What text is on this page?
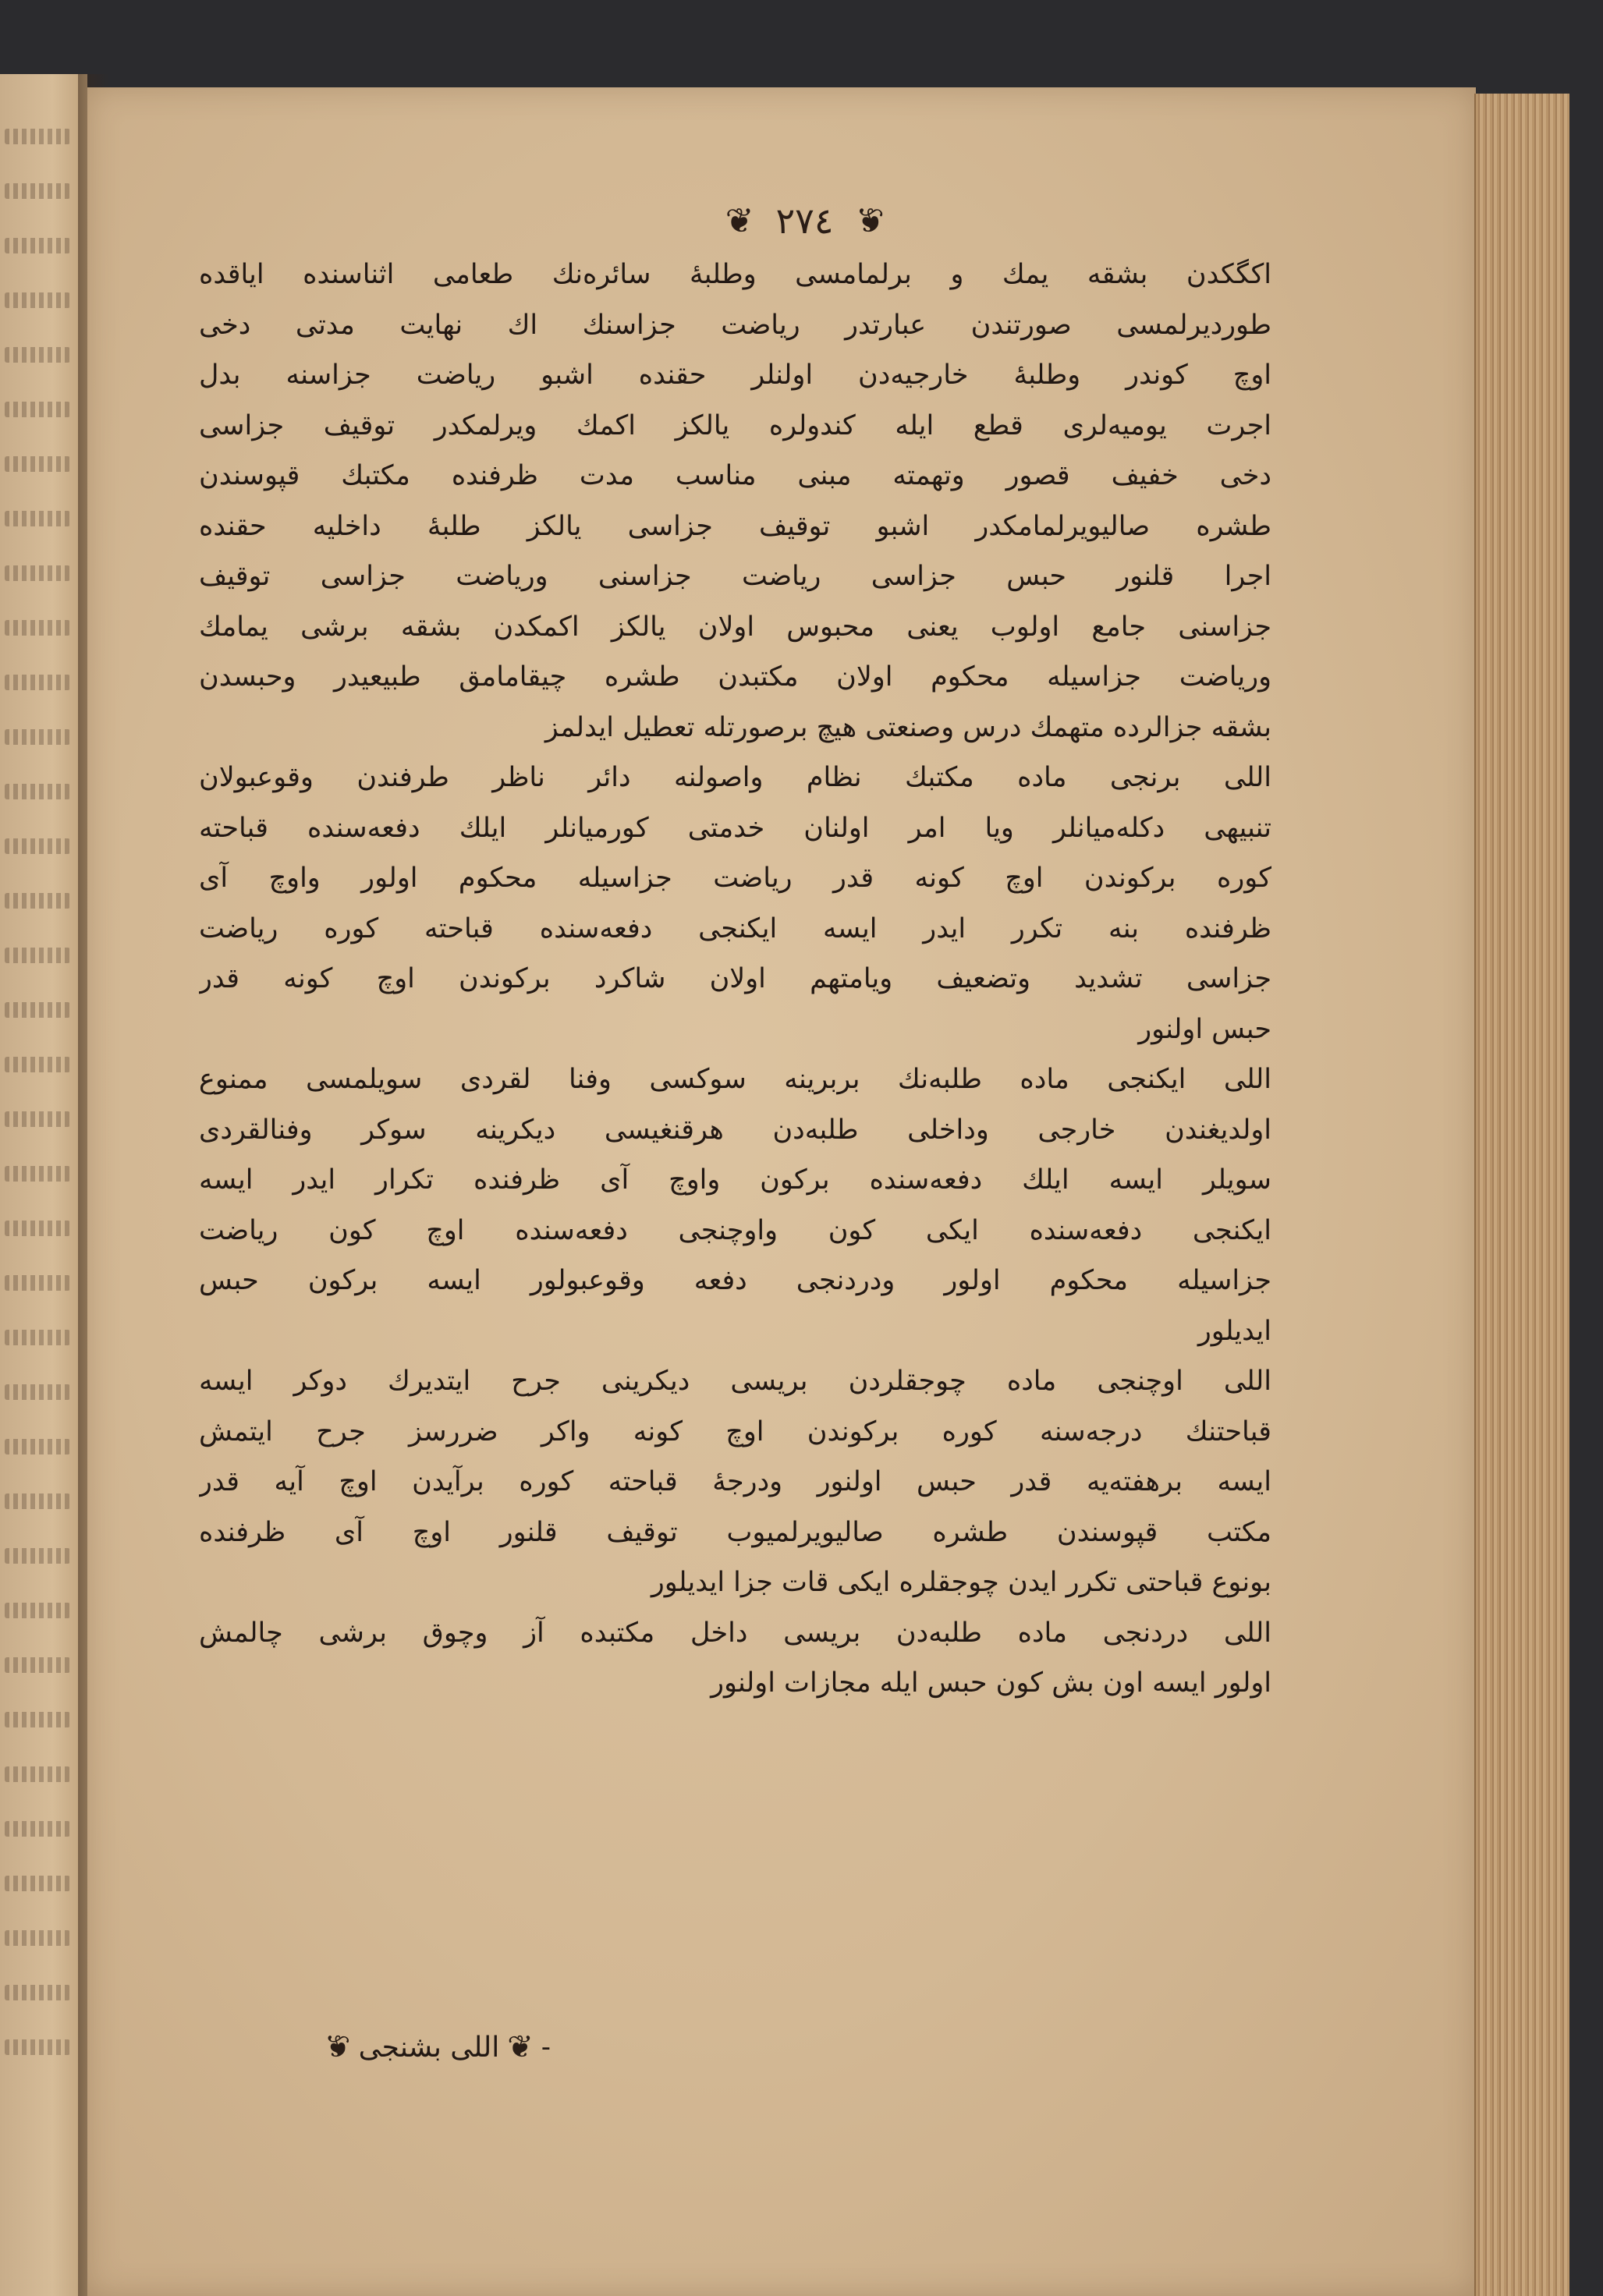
❦ ٢٧٤ ❦
اکگکدن بشقه یمك و برلمامسی وطلبهٔ سائره‌نك طعامی اثناسنده ایاقده
طوردیرلمسی صورتندن عبارتدر رياضت جزاسنك اك نهایت مدتی دخی
اوچ کوندر وطلبهٔ خارجیه‌دن اولنلر حقنده اشبو ریاضت جزاسنه بدل
اجرت یومیه‌لری قطع ایله کندولره یالکز اکمك ویرلمکدر توقیف جزاسی
دخی خفیف قصور وتهمته مبنی مناسب مدت ظرفنده مکتبك قپوسندن
طشره صالیویرلمامکدر اشبو توقیف جزاسی یالکز طلبهٔ داخلیه حقنده
اجرا قلنور حبس جزاسی ریاضت جزاسنی وریاضت جزاسی توقیف
جزاسنی جامع اولوب یعنی محبوس اولان یالکز اکمکدن بشقه برشی یمامك
وریاضت جزاسیله محکوم اولان مکتبدن طشره چیقامامق طبیعیدر وحبسدن
بشقه جزالرده متهمك درس وصنعتی هیچ برصورتله تعطیل ایدلمز
اللی برنجی ماده مکتبك نظام واصولنه دائر ناظر طرفندن وقوعبولان
تنبیهی دکله‌میانلر ویا امر اولنان خدمتی کورمیانلر ایلك دفعه‌سنده قباحته
کوره برکوندن اوچ کونه قدر ریاضت جزاسیله محکوم اولور واوچ آی
ظرفنده بنه تکرر ایدر ایسه ایکنجی دفعه‌سنده قباحته کوره ریاضت
جزاسی تشدید وتضعیف ویامتهم اولان شاکرد برکوندن اوچ کونه قدر
حبس اولنور
اللی ایکنجی ماده طلبه‌نك بربرینه سوکسی وفنا لقردی سویلمسی ممنوع
اولدیغندن خارجی وداخلی طلبه‌دن هرقنغیسی دیکرینه سوکر وفنالقردی
سویلر ایسه ایلك دفعه‌سنده برکون واوچ آی ظرفنده تکرار ایدر ایسه
ایکنجی دفعه‌سنده ایکی کون واوچنجی دفعه‌سنده اوچ کون ریاضت
جزاسیله محکوم اولور ودردنجی دفعه وقوعبولور ایسه برکون حبس
ایدیلور
اللی اوچنجی ماده چوجقلردن بریسی دیکرینی جرح ایتدیرك دوکر ایسه
قباحتنك درجه‌سنه کوره برکوندن اوچ کونه واکر ضررسز جرح ایتمش
ایسه برهفته‌یه قدر حبس اولنور ودرجهٔ قباحته کوره برآیدن اوچ آیه قدر
مکتب قپوسندن طشره صالیویرلمیوب توقیف قلنور اوچ آی ظرفنده
بونوع قباحتی تکرر ایدن چوجقلره ایکی قات جزا ایدیلور
اللی دردنجی ماده طلبه‌دن بریسی داخل مکتبده آز وچوق برشی چالمش
اولور ایسه اون بش کون حبس ایله مجازات اولنور
-
❦
اللی بشنجی
❦
